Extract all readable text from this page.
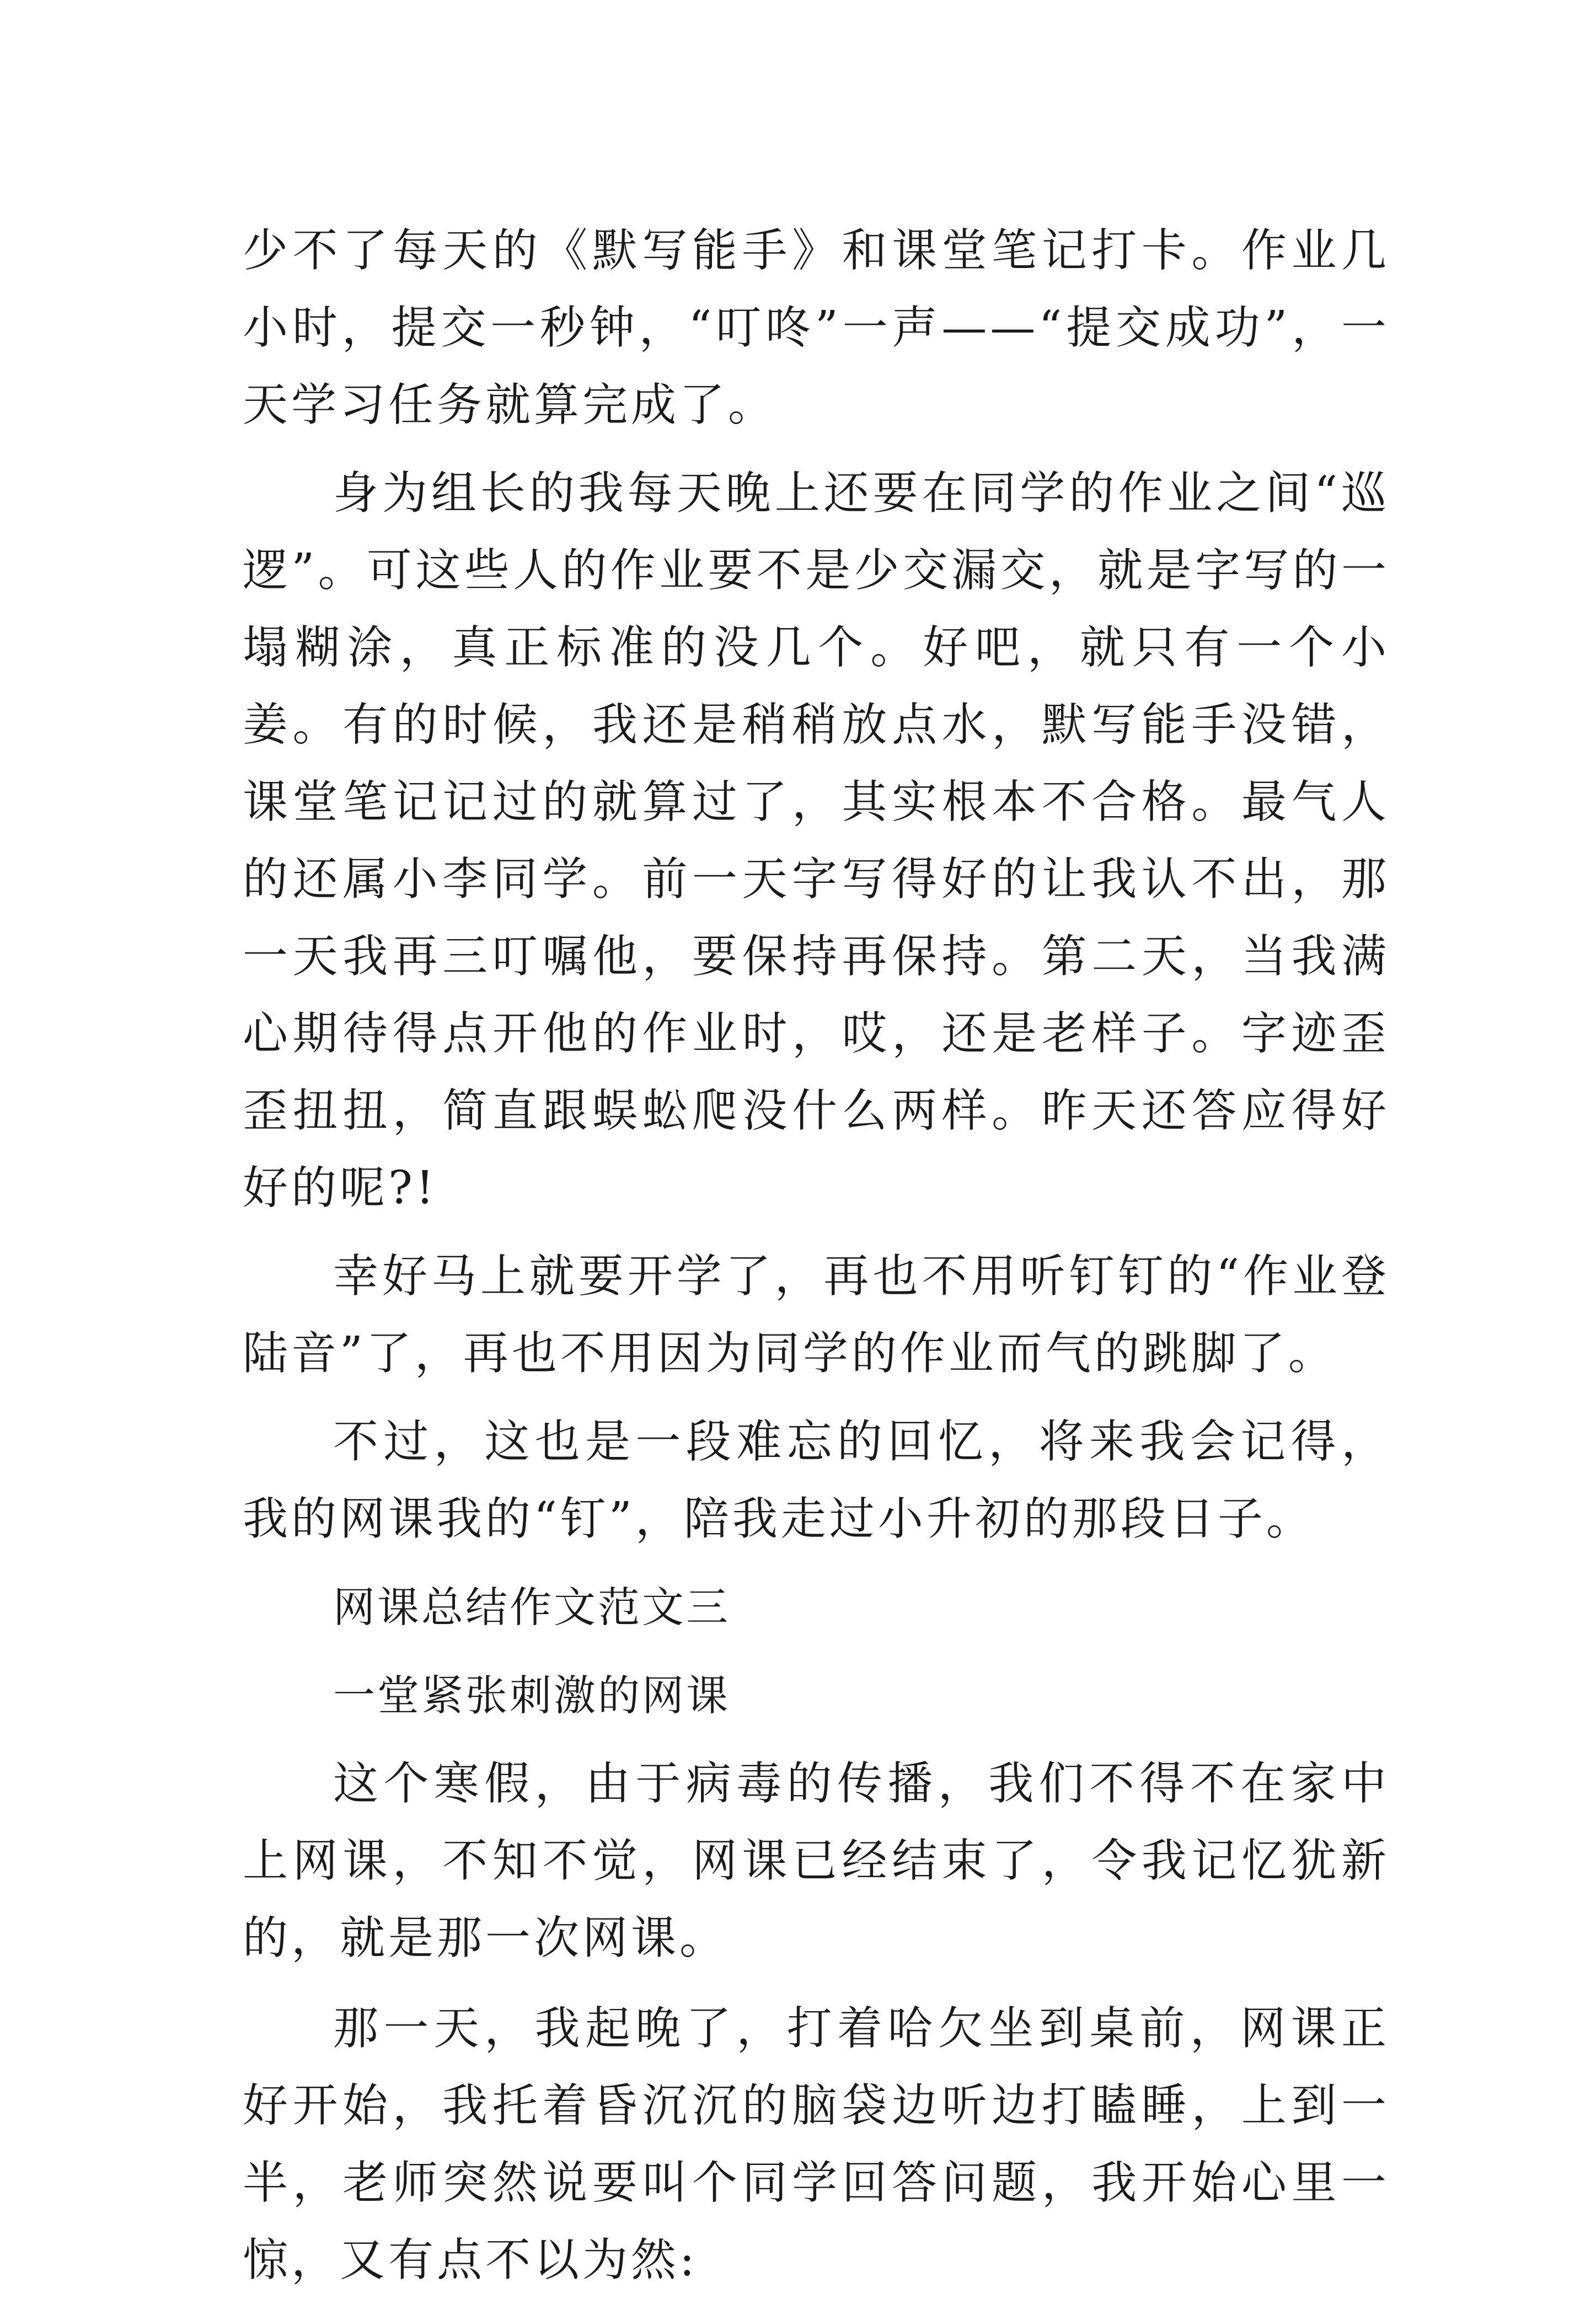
少不了每天的《默写能手》和课堂笔记打卡。作业几小时，提交一秒钟，“叮咚”一声——“提交成功”，一天学习任务就算完成了。

身为组长的我每天晚上还要在同学的作业之间“巡逻”。可这些人的作业要不是少交漏交，就是字写的一塌糊涂，真正标准的没几个。好吧，就只有一个小姜。有的时候，我还是稍稍放点水，默写能手没错，课堂笔记记过的就算过了，其实根本不合格。最气人的还属小李同学。前一天字写得好的让我认不出，那一天我再三叮嘱他，要保持再保持。第二天，当我满心期待得点开他的作业时，哎，还是老样子。字迹歪歪扭扭，简直跟蜈蚣爬没什么两样。昨天还答应得好好的呢?!

幸好马上就要开学了，再也不用听钉钉的“作业登陆音”了，再也不用因为同学的作业而气的跳脚了。

不过，这也是一段难忘的回忆，将来我会记得，我的网课我的“钉”，陪我走过小升初的那段日子。

网课总结作文范文三

一堂紧张刺激的网课

这个寒假，由于病毒的传播，我们不得不在家中上网课，不知不觉，网课已经结束了，令我记忆犹新的，就是那一次网课。

那一天，我起晚了，打着哈欠坐到桌前，网课正好开始，我托着昏沉沉的脑袋边听边打瞌睡，上到一半，老师突然说要叫个同学回答问题，我开始心里一惊，又有点不以为然:
